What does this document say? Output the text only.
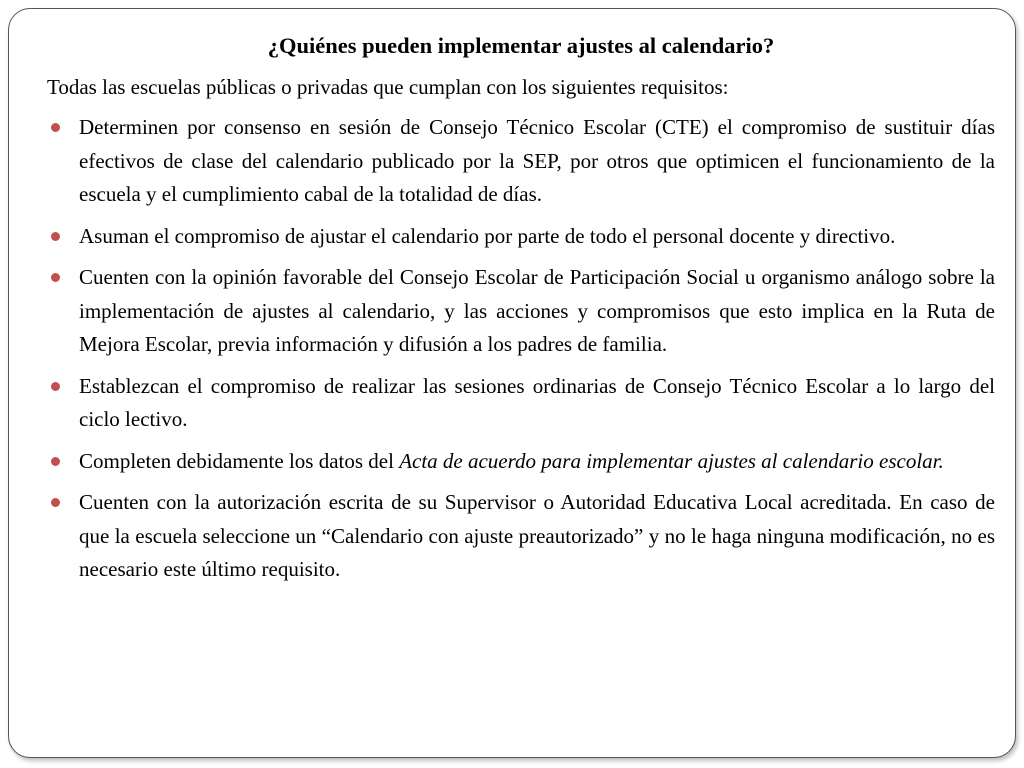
¿Quiénes pueden implementar ajustes al calendario?

Todas las escuelas públicas o privadas que cumplan con los siguientes requisitos:

Determinen por consenso en sesión de Consejo Técnico Escolar (CTE) el compromiso de sustituir días efectivos de clase del calendario publicado por la SEP, por otros que optimicen el funcionamiento de la escuela y el cumplimiento cabal de la totalidad de días.
Asuman el compromiso de ajustar el calendario por parte de todo el personal docente y directivo.
Cuenten con la opinión favorable del Consejo Escolar de Participación Social u organismo análogo sobre la implementación de ajustes al calendario, y las acciones y compromisos que esto implica en la Ruta de Mejora Escolar, previa información y difusión a los padres de familia.
Establezcan el compromiso de realizar las sesiones ordinarias de Consejo Técnico Escolar a lo largo del ciclo lectivo.
Completen debidamente los datos del Acta de acuerdo para implementar ajustes al calendario escolar.
Cuenten con la autorización escrita de su Supervisor o Autoridad Educativa Local acreditada. En caso de que la escuela seleccione un “Calendario con ajuste preautorizado” y no le haga ninguna modificación, no es necesario este último requisito.
